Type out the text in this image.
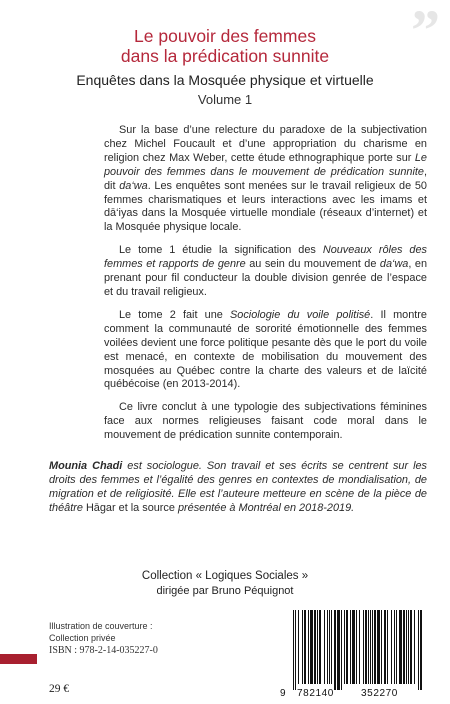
”
Le pouvoir des femmes
dans la prédication sunnite
Enquêtes dans la Mosquée physique et virtuelle
Volume 1

Sur la base d’une relecture du paradoxe de la subjectivation chez Michel Foucault et d’une appropriation du charisme en religion chez Max Weber, cette étude ethnographique porte sur Le pouvoir des femmes dans le mouvement de prédication sunnite, dit da‘wa. Les enquêtes sont menées sur le travail religieux de 50 femmes charismatiques et leurs interactions avec les imams et dā‘iyas dans la Mosquée virtuelle mondiale (réseaux d’internet) et la Mosquée physique locale.

Le tome 1 étudie la signification des Nouveaux rôles des femmes et rapports de genre au sein du mouvement de da‘wa, en prenant pour fil conducteur la double division genrée de l’espace et du travail religieux.

Le tome 2 fait une Sociologie du voile politisé. Il montre comment la communauté de sororité émotionnelle des femmes voilées devient une force politique pesante dès que le port du voile est menacé, en contexte de mobilisation du mouvement des mosquées au Québec contre la charte des valeurs et de laïcité québécoise (en 2013-2014).

Ce livre conclut à une typologie des subjectivations féminines face aux normes religieuses faisant code moral dans le mouvement de prédication sunnite contemporain.

Mounia Chadi est sociologue. Son travail et ses écrits se centrent sur les droits des femmes et l’égalité des genres en contextes de mondialisation, de migration et de religiosité. Elle est l’auteure metteure en scène de la pièce de théâtre Hāgar et la source présentée à Montréal en 2018-2019.

Collection « Logiques Sociales »
dirigée par Bruno Péquignot
Illustration de couverture :
Collection privée
ISBN : 978-2-14-035227-0
29 €	9 782140	352270
